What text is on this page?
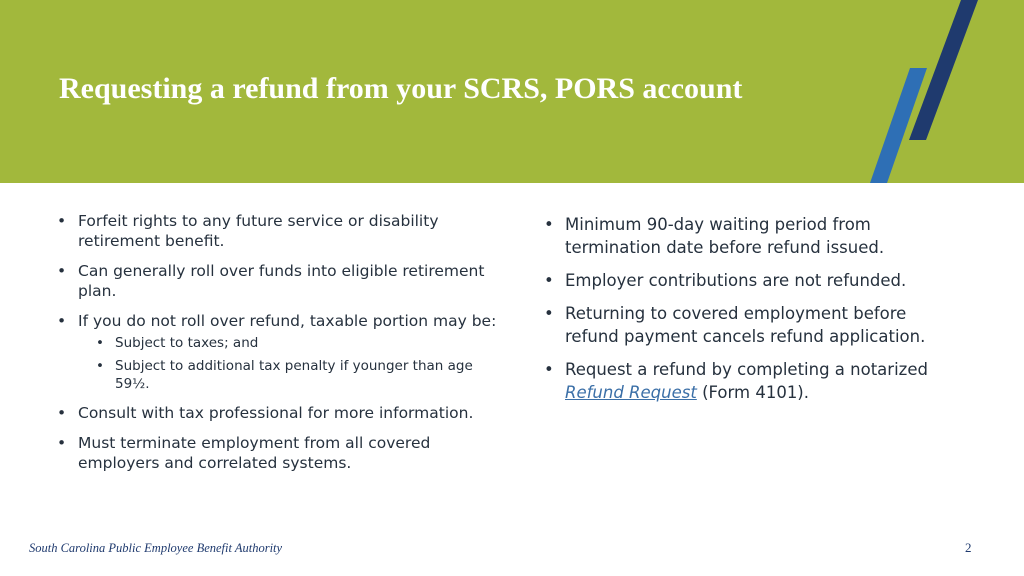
Requesting a refund from your SCRS, PORS account
• Forfeit rights to any future service or disability retirement benefit.
• Can generally roll over funds into eligible retirement plan.
• If you do not roll over refund, taxable portion may be:
• Subject to taxes; and
• Subject to additional tax penalty if younger than age 59½.
• Consult with tax professional for more information.
• Must terminate employment from all covered employers and correlated systems.
• Minimum 90-day waiting period from termination date before refund issued.
• Employer contributions are not refunded.
• Returning to covered employment before refund payment cancels refund application.
• Request a refund by completing a notarized Refund Request (Form 4101).
South Carolina Public Employee Benefit Authority	2
